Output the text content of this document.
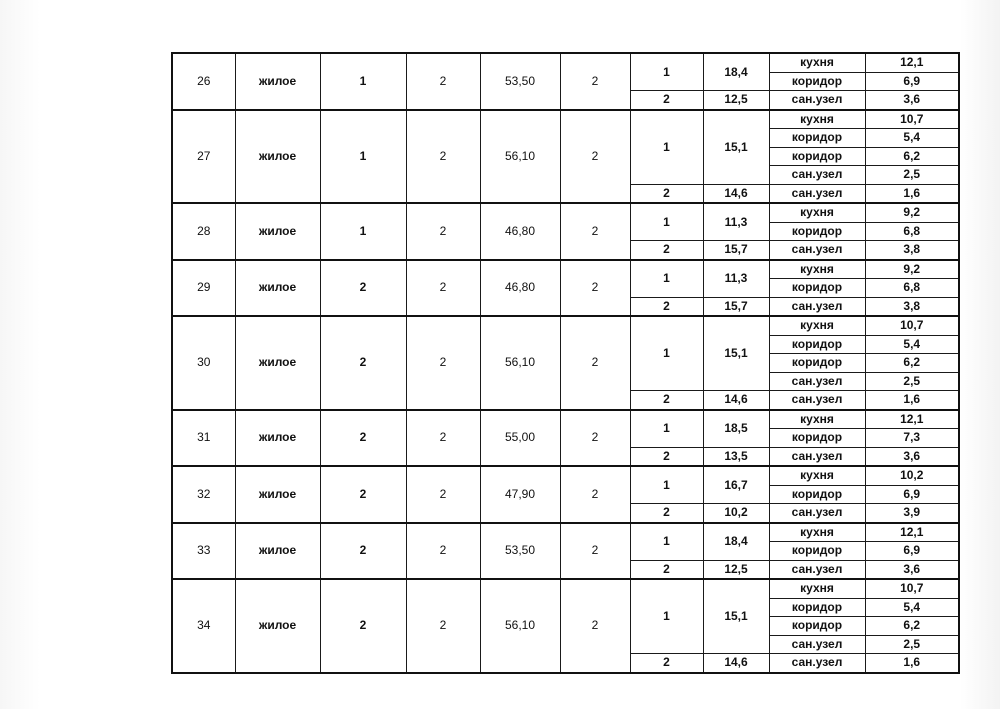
26	жилое	1	2	53,50	2	1	18,4	кухня	12,1
								коридор	6,9
						2	12,5	сан.узел	3,6
27	жилое	1	2	56,10	2	1	15,1	кухня	10,7
								коридор	5,4
								коридор	6,2
								сан.узел	2,5
						2	14,6	сан.узел	1,6
28	жилое	1	2	46,80	2	1	11,3	кухня	9,2
								коридор	6,8
						2	15,7	сан.узел	3,8
29	жилое	2	2	46,80	2	1	11,3	кухня	9,2
								коридор	6,8
						2	15,7	сан.узел	3,8
30	жилое	2	2	56,10	2	1	15,1	кухня	10,7
								коридор	5,4
								коридор	6,2
								сан.узел	2,5
						2	14,6	сан.узел	1,6
31	жилое	2	2	55,00	2	1	18,5	кухня	12,1
								коридор	7,3
						2	13,5	сан.узел	3,6
32	жилое	2	2	47,90	2	1	16,7	кухня	10,2
								коридор	6,9
						2	10,2	сан.узел	3,9
33	жилое	2	2	53,50	2	1	18,4	кухня	12,1
								коридор	6,9
						2	12,5	сан.узел	3,6
34	жилое	2	2	56,10	2	1	15,1	кухня	10,7
								коридор	5,4
								коридор	6,2
								сан.узел	2,5
						2	14,6	сан.узел	1,6
